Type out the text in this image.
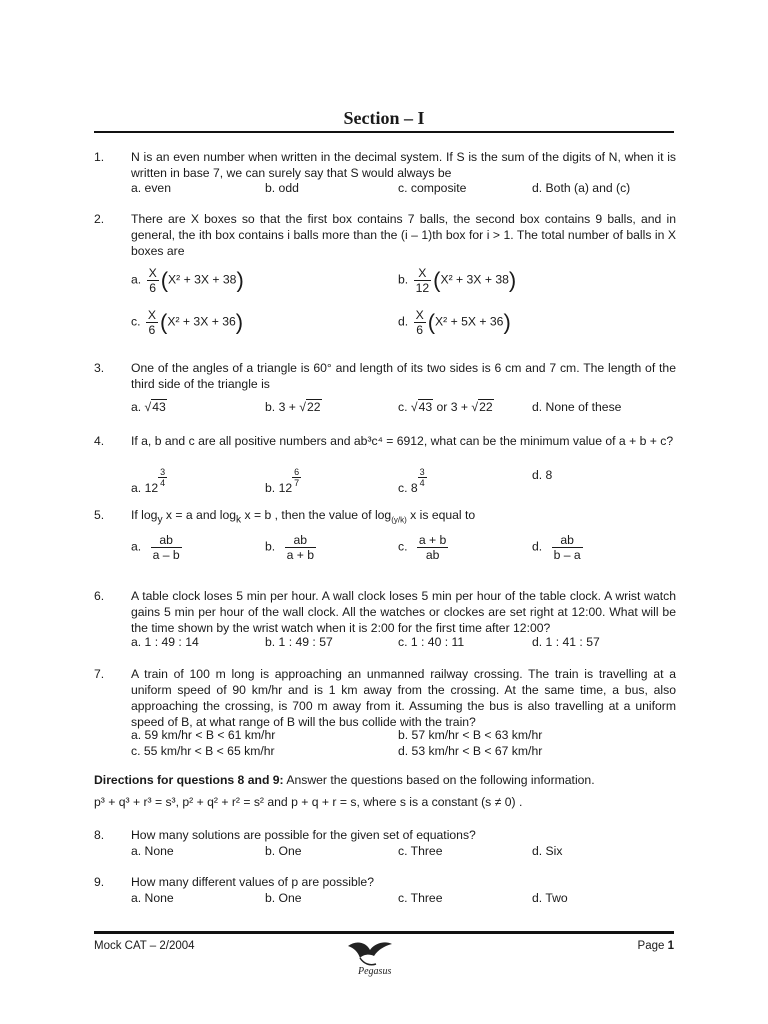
Section – I
1. N is an even number when written in the decimal system. If S is the sum of the digits of N, when it is written in base 7, we can surely say that S would always be
a. even	b. odd	c. composite	d. Both (a) and (c)
2. There are X boxes so that the first box contains 7 balls, the second box contains 9 balls, and in general, the ith box contains i balls more than the (i – 1)th box for i > 1. The total number of balls in X boxes are
a. $\frac{X}{6} (X^2 + 3X + 38)$	b. $\frac{X}{12} (X^2 + 3X + 38)$
c. $\frac{X}{6} (X^2 + 3X + 36)$	d. $\frac{X}{6} (X^2 + 5X + 36)$
3. One of the angles of a triangle is 60° and length of its two sides is 6 cm and 7 cm. The length of the third side of the triangle is
a. √43	b. 3 + √22	c. √43 or 3 + √22	d. None of these
4. If a, b and c are all positive numbers and ab³c⁴ = 6912, what can be the minimum value of a + b + c?
a. $12 \frac{3}{4}$	b. $12 \frac{6}{7}$	c. $8 \frac{3}{4}$	d. 8
5. If $\log_y x = a$ and $\log_k x = b$ , then the value of $\log_{(y/k)} x$ is equal to
a. $\frac{ab}{a - b}$	b. $\frac{ab}{a + b}$	c. $\frac{a + b}{ab}$	d. $\frac{ab}{b - a}$
6. A table clock loses 5 min per hour. A wall clock loses 5 min per hour of the table clock. A wrist watch gains 5 min per hour of the wall clock. All the watches or clockes are set right at 12:00. What will be the time shown by the wrist watch when it is 2:00 for the first time after 12:00?
a. 1 : 49 : 14	b. 1 : 49 : 57	c. 1 : 40 : 11	d. 1 : 41 : 57
7. A train of 100 m long is approaching an unmanned railway crossing. The train is travelling at a uniform speed of 90 km/hr and is 1 km away from the crossing. At the same time, a bus, also approaching the crossing, is 700 m away from it. Assuming the bus is also travelling at a uniform speed of B, at what range of B will the bus collide with the train?
a. 59 km/hr < B < 61 km/hr	b. 57 km/hr < B < 63 km/hr
c. 55 km/hr < B < 65 km/hr	d. 53 km/hr < B < 67 km/hr
Directions for questions 8 and 9: Answer the questions based on the following information.
p³ + q³ + r³ = s³, p² + q² + r² = s² and p + q + r = s, where s is a constant (s ≠ 0) .
8. How many solutions are possible for the given set of equations?
a. None	b. One	c. Three	d. Six
9. How many different values of p are possible?
a. None	b. One	c. Three	d. Two
Mock CAT – 2/2004
Pegasus
Page 1
